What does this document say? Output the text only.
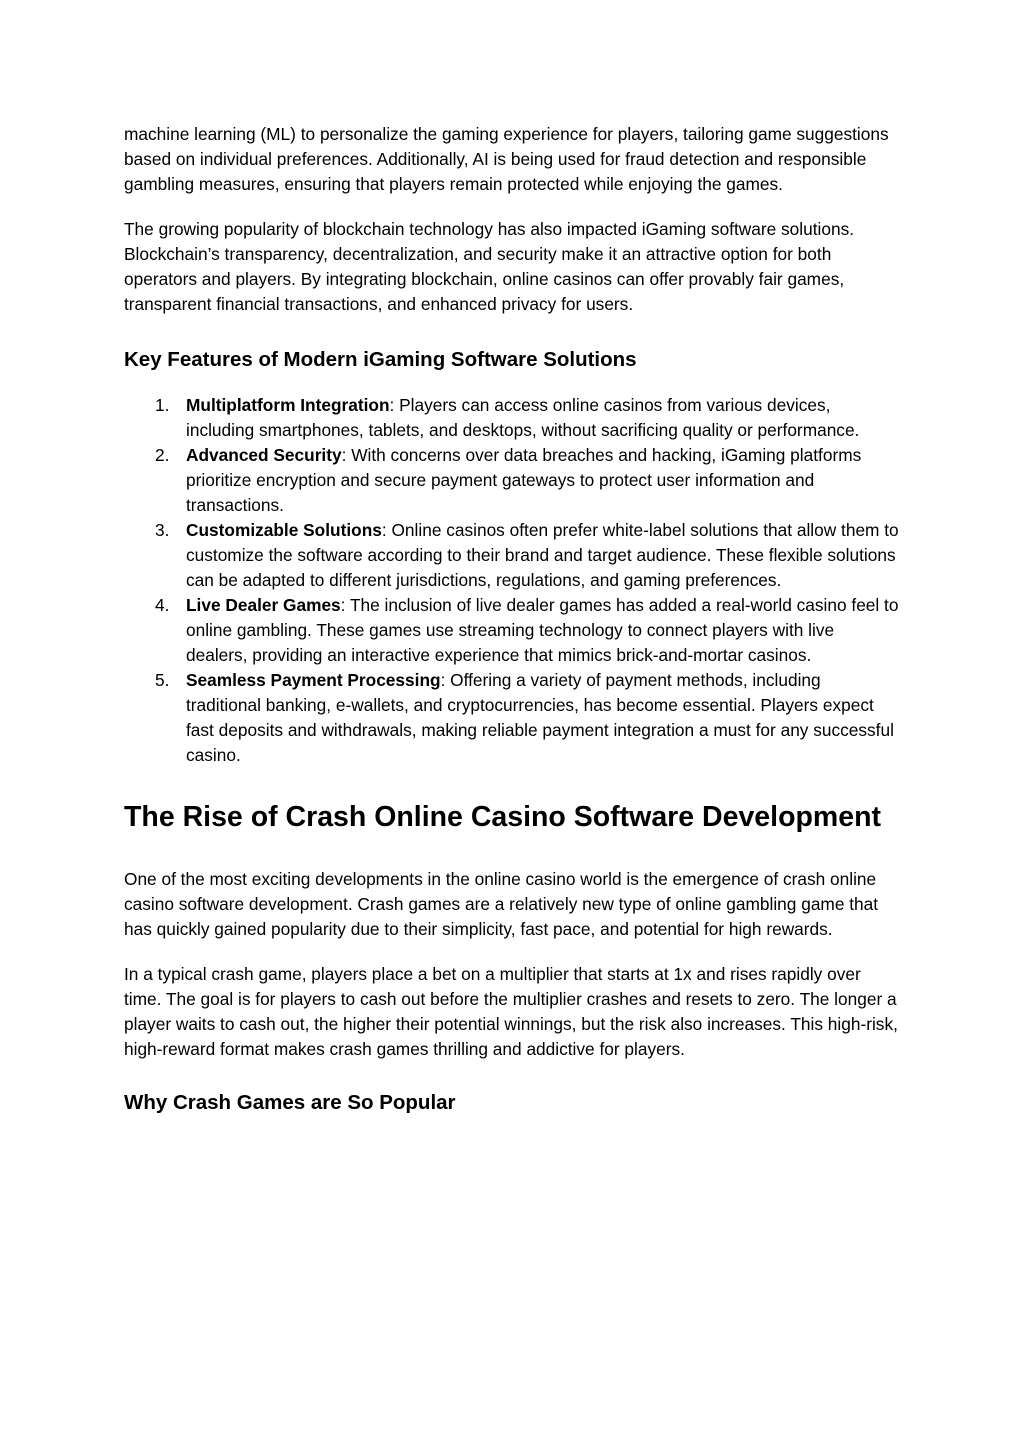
machine learning (ML) to personalize the gaming experience for players, tailoring game suggestions based on individual preferences. Additionally, AI is being used for fraud detection and responsible gambling measures, ensuring that players remain protected while enjoying the games.

The growing popularity of blockchain technology has also impacted iGaming software solutions. Blockchain’s transparency, decentralization, and security make it an attractive option for both operators and players. By integrating blockchain, online casinos can offer provably fair games, transparent financial transactions, and enhanced privacy for users.

Key Features of Modern iGaming Software Solutions
1. Multiplatform Integration: Players can access online casinos from various devices, including smartphones, tablets, and desktops, without sacrificing quality or performance.
2. Advanced Security: With concerns over data breaches and hacking, iGaming platforms prioritize encryption and secure payment gateways to protect user information and transactions.
3. Customizable Solutions: Online casinos often prefer white-label solutions that allow them to customize the software according to their brand and target audience. These flexible solutions can be adapted to different jurisdictions, regulations, and gaming preferences.
4. Live Dealer Games: The inclusion of live dealer games has added a real-world casino feel to online gambling. These games use streaming technology to connect players with live dealers, providing an interactive experience that mimics brick-and-mortar casinos.
5. Seamless Payment Processing: Offering a variety of payment methods, including traditional banking, e-wallets, and cryptocurrencies, has become essential. Players expect fast deposits and withdrawals, making reliable payment integration a must for any successful casino.
The Rise of Crash Online Casino Software Development

One of the most exciting developments in the online casino world is the emergence of crash online casino software development. Crash games are a relatively new type of online gambling game that has quickly gained popularity due to their simplicity, fast pace, and potential for high rewards.

In a typical crash game, players place a bet on a multiplier that starts at 1x and rises rapidly over time. The goal is for players to cash out before the multiplier crashes and resets to zero. The longer a player waits to cash out, the higher their potential winnings, but the risk also increases. This high-risk, high-reward format makes crash games thrilling and addictive for players.

Why Crash Games are So Popular
